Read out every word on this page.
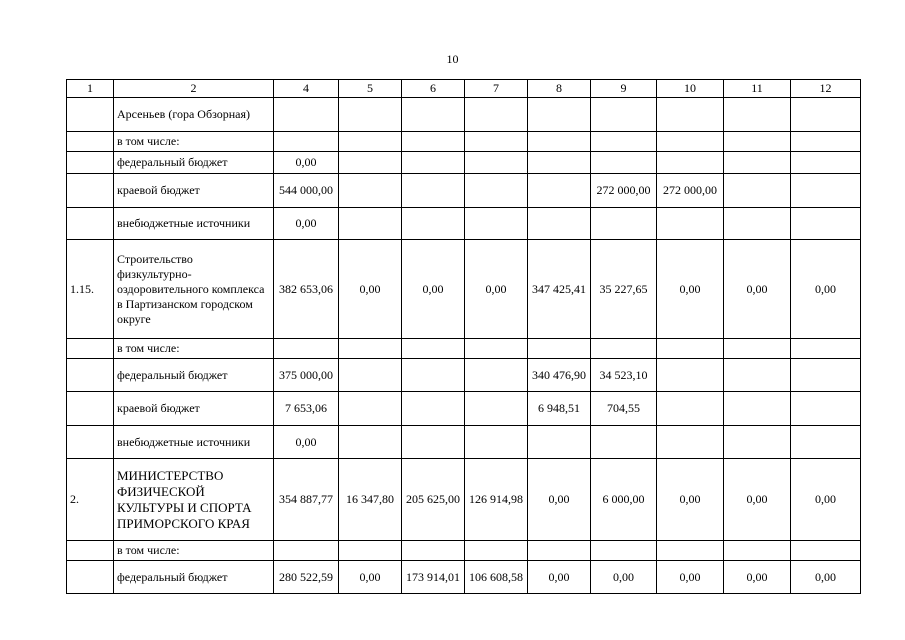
10
1	2	4	5	6	7	8	9	10	11	12
	Арсеньев (гора Обзорная)									
	в том числе:									
	федеральный бюджет	0,00								
	краевой бюджет	544 000,00					272 000,00	272 000,00		
	внебюджетные источники	0,00								
1.15.	Строительство физкультурно-оздоровительного комплекса в Партизанском городском округе	382 653,06	0,00	0,00	0,00	347 425,41	35 227,65	0,00	0,00	0,00
	в том числе:									
	федеральный бюджет	375 000,00				340 476,90	34 523,10			
	краевой бюджет	7 653,06				6 948,51	704,55			
	внебюджетные источники	0,00								
2.	МИНИСТЕРСТВО ФИЗИЧЕСКОЙ КУЛЬТУРЫ И СПОРТА ПРИМОРСКОГО КРАЯ	354 887,77	16 347,80	205 625,00	126 914,98	0,00	6 000,00	0,00	0,00	0,00
	в том числе:									
	федеральный бюджет	280 522,59	0,00	173 914,01	106 608,58	0,00	0,00	0,00	0,00	0,00
